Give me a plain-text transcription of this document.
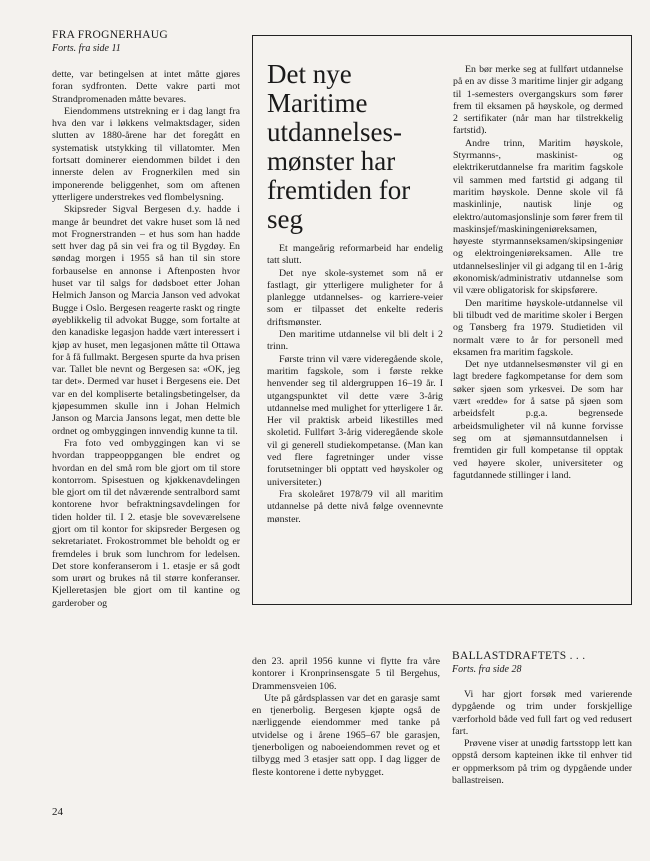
FRA FROGNERHAUG
Forts. fra side 11

dette, var betingelsen at intet måtte gjøres foran sydfronten. Dette vakre parti mot Strandpromenaden måtte bevares.

Eiendommens utstrekning er i dag langt fra hva den var i løkkens velmaktsdager, siden slutten av 1880-årene har det foregått en systematisk utstykking til villatomter. Men fortsatt dominerer eiendommen bildet i den innerste delen av Frognerkilen med sin imponerende beliggenhet, som om aftenen ytterligere understrekes ved flombelysning.

Skipsreder Sigval Bergesen d.y. hadde i mange år beundret det vakre huset som lå ned mot Frognerstranden – et hus som han hadde sett hver dag på sin vei fra og til Bygdøy. En søndag morgen i 1955 så han til sin store forbauselse en annonse i Aftenposten hvor huset var til salgs for dødsboet etter Johan Helmich Janson og Marcia Janson ved advokat Bugge i Oslo. Bergesen reagerte raskt og ringte øyeblikkelig til advokat Bugge, som fortalte at den kanadiske legasjon hadde vært interessert i kjøp av huset, men legasjonen måtte til Ottawa for å få fullmakt. Bergesen spurte da hva prisen var. Tallet ble nevnt og Bergesen sa: «OK, jeg tar det». Dermed var huset i Bergesens eie. Det var en del kompliserte betalingsbetingelser, da kjøpesummen skulle inn i Johan Helmich Janson og Marcia Jansons legat, men dette ble ordnet og ombyggingen innvendig kunne ta til.

Fra foto ved ombyggingen kan vi se hvordan trappeoppgangen ble endret og hvordan en del små rom ble gjort om til store kontorrom. Spisestuen og kjøkkenavdelingen ble gjort om til det nåværende sentralbord samt kontorene hvor befraktningsavdelingen for tiden holder til. I 2. etasje ble soveværelsene gjort om til kontor for skipsreder Bergesen og sekretariatet. Frokostrommet ble beholdt og er fremdeles i bruk som lunchrom for ledelsen. Det store konferanserom i 1. etasje er så godt som urørt og brukes nå til større konferanser. Kjelleretasjen ble gjort om til kantine og garderober og

Det nye Maritime utdannelses-mønster har fremtiden for seg

Et mangeårig reformarbeid har endelig tatt slutt.

Det nye skole-systemet som nå er fastlagt, gir ytterligere muligheter for å planlegge utdannelses- og karriere-veier som er tilpasset det enkelte rederis driftsmønster.

Den maritime utdannelse vil bli delt i 2 trinn.

Første trinn vil være videregående skole, maritim fagskole, som i første rekke henvender seg til aldergruppen 16–19 år. I utgangspunktet vil dette være 3-årig utdannelse med mulighet for ytterligere 1 år. Her vil praktisk arbeid likestilles med skoletid. Fullført 3-årig videregående skole vil gi generell studiekompetanse. (Man kan ved flere fagretninger under visse forutsetninger bli opptatt ved høyskoler og universiteter.)

Fra skoleåret 1978/79 vil all maritim utdannelse på dette nivå følge ovennevnte mønster.

En bør merke seg at fullført utdannelse på en av disse 3 maritime linjer gir adgang til 1-semesters overgangskurs som fører frem til eksamen på høyskole, og dermed 2 sertifikater (når man har tilstrekkelig fartstid).

Andre trinn, Maritim høyskole, Styrmanns-, maskinist- og elektrikerutdannelse fra maritim fagskole vil sammen med fartstid gi adgang til maritim høyskole. Denne skole vil få maskinlinje, nautisk linje og elektro/automasjonslinje som fører frem til maskinsjef/maskiningeniøreksamen, høyeste styrmannseksamen/skipsingeniør og elektroingeniøreksamen. Alle tre utdannelseslinjer vil gi adgang til en 1-årig økonomisk/administrativ utdannelse som vil være obligatorisk for skipsførere.

Den maritime høyskole-utdannelse vil bli tilbudt ved de maritime skoler i Bergen og Tønsberg fra 1979. Studietiden vil normalt være to år for personell med eksamen fra maritim fagskole.

Det nye utdannelsesmønster vil gi en lagt bredere fagkompetanse for dem som søker sjøen som yrkesvei. De som har vært «redde» for å satse på sjøen som arbeidsfelt p.g.a. begrensede arbeidsmuligheter vil nå kunne forvisse seg om at sjømannsutdannelsen i fremtiden gir full kompetanse til opptak ved høyere skoler, universiteter og fagutdannede stillinger i land.

den 23. april 1956 kunne vi flytte fra våre kontorer i Kronprinsensgate 5 til Bergehus, Drammensveien 106.

Ute på gårdsplassen var det en garasje samt en tjenerbolig. Bergesen kjøpte også de nærliggende eiendommer med tanke på utvidelse og i årene 1965–67 ble garasjen, tjenerboligen og naboeiendommen revet og et tilbygg med 3 etasjer satt opp. I dag ligger de fleste kontorene i dette nybygget.

BALLASTDRAFTETS . . .
Forts. fra side 28

Vi har gjort forsøk med varierende dypgående og trim under forskjellige værforhold både ved full fart og ved redusert fart.

Prøvene viser at unødig fartsstopp lett kan oppstå dersom kapteinen ikke til enhver tid er oppmerksom på trim og dypgående under ballastreisen.

24
